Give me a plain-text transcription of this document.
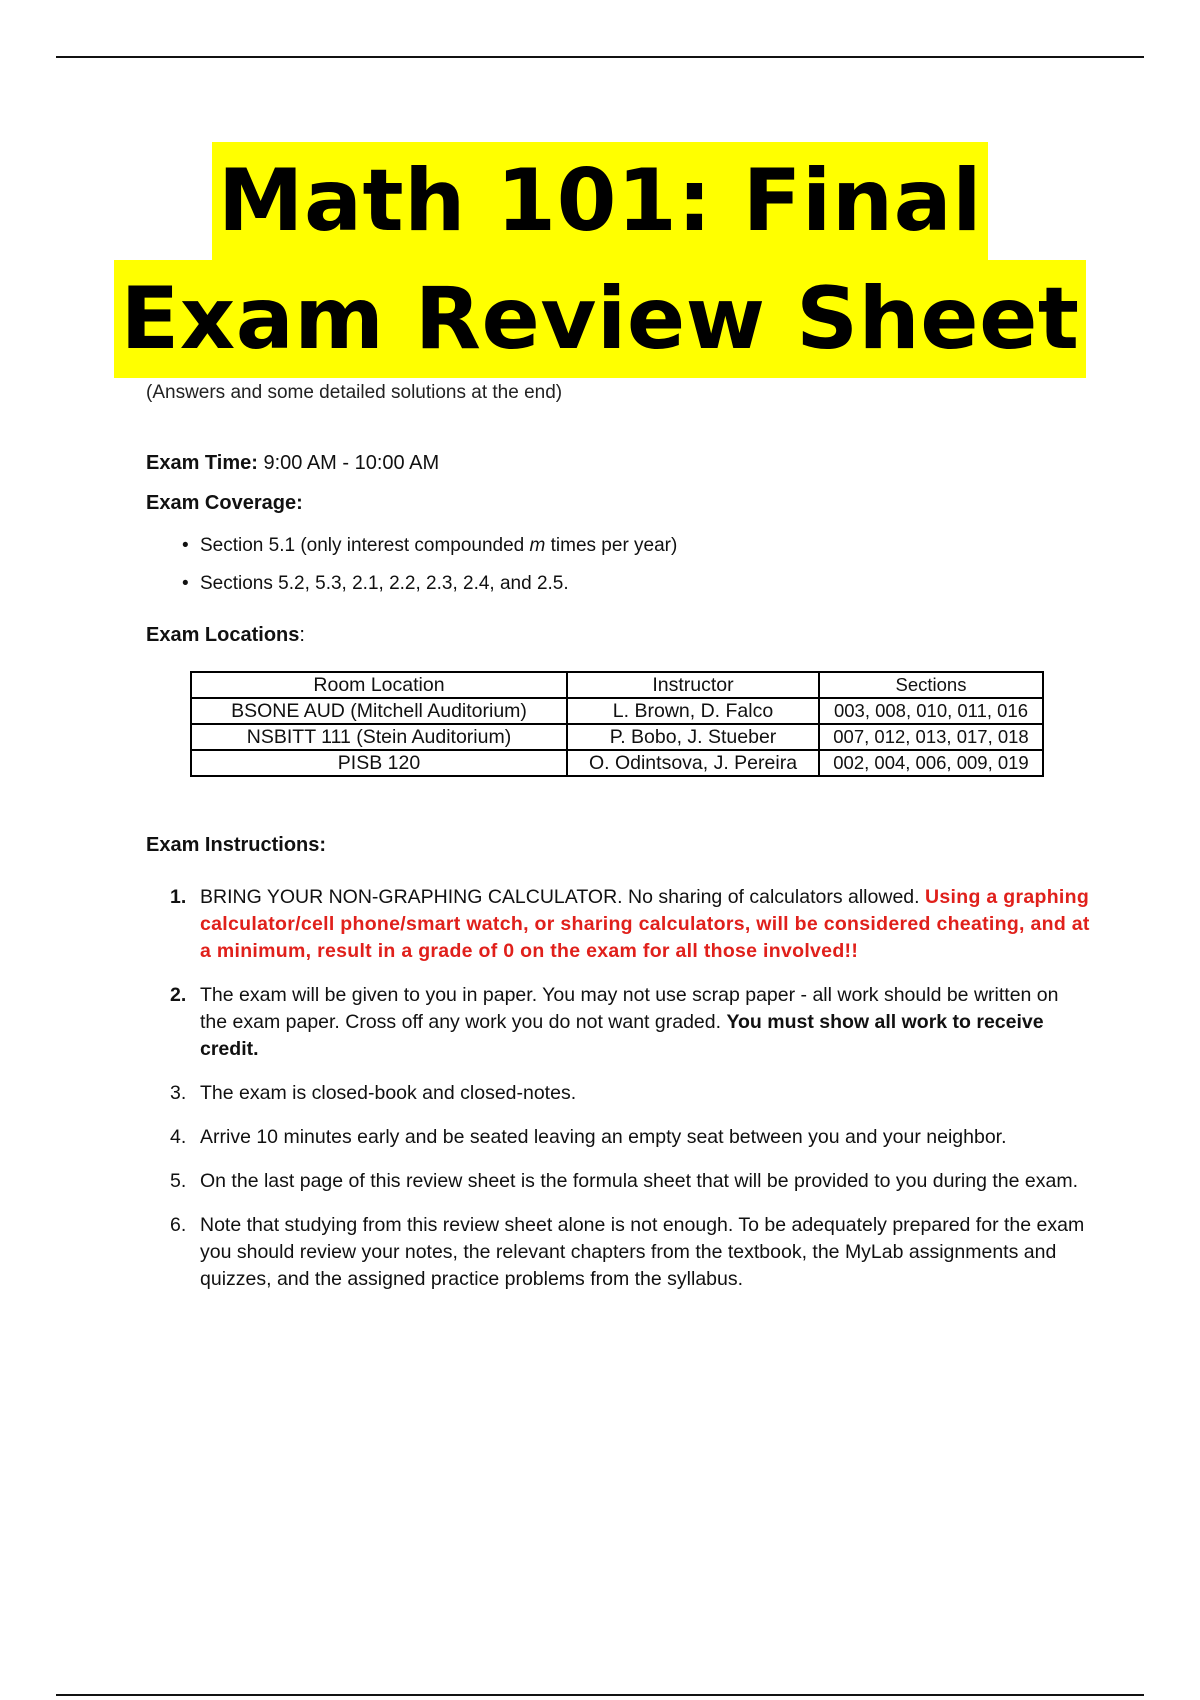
Math 101: Final
Exam Review Sheet
(Answers and some detailed solutions at the end)
Exam Time: 9:00 AM - 10:00 AM
Exam Coverage:
• Section 5.1 (only interest compounded m times per year)
• Sections 5.2, 5.3, 2.1, 2.2, 2.3, 2.4, and 2.5.
Exam Locations:
Room Location	Instructor	Sections
BSONE AUD (Mitchell Auditorium)	L. Brown, D. Falco	003, 008, 010, 011, 016
NSBITT 111 (Stein Auditorium)	P. Bobo, J. Stueber	007, 012, 013, 017, 018
PISB 120	O. Odintsova, J. Pereira	002, 004, 006, 009, 019
Exam Instructions:
1. BRING YOUR NON-GRAPHING CALCULATOR. No sharing of calculators allowed. Using a graphing calculator/cell phone/smart watch, or sharing calculators, will be considered cheating, and at a minimum, result in a grade of 0 on the exam for all those involved!!
2. The exam will be given to you in paper. You may not use scrap paper - all work should be written on the exam paper. Cross off any work you do not want graded. You must show all work to receive credit.
3. The exam is closed-book and closed-notes.
4. Arrive 10 minutes early and be seated leaving an empty seat between you and your neighbor.
5. On the last page of this review sheet is the formula sheet that will be provided to you during the exam.
6. Note that studying from this review sheet alone is not enough. To be adequately prepared for the exam you should review your notes, the relevant chapters from the textbook, the MyLab assignments and quizzes, and the assigned practice problems from the syllabus.
